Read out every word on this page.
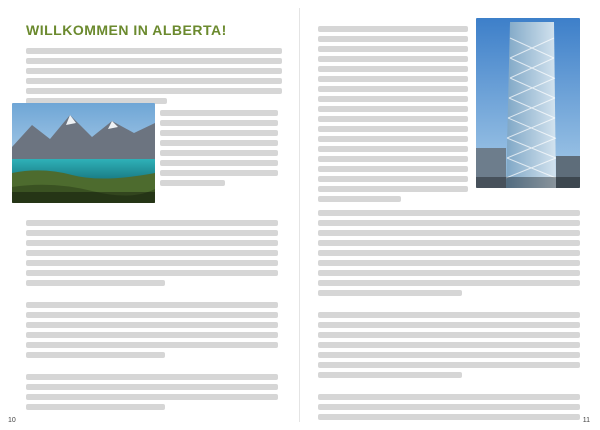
WILLKOMMEN IN ALBERTA!

10
	11
